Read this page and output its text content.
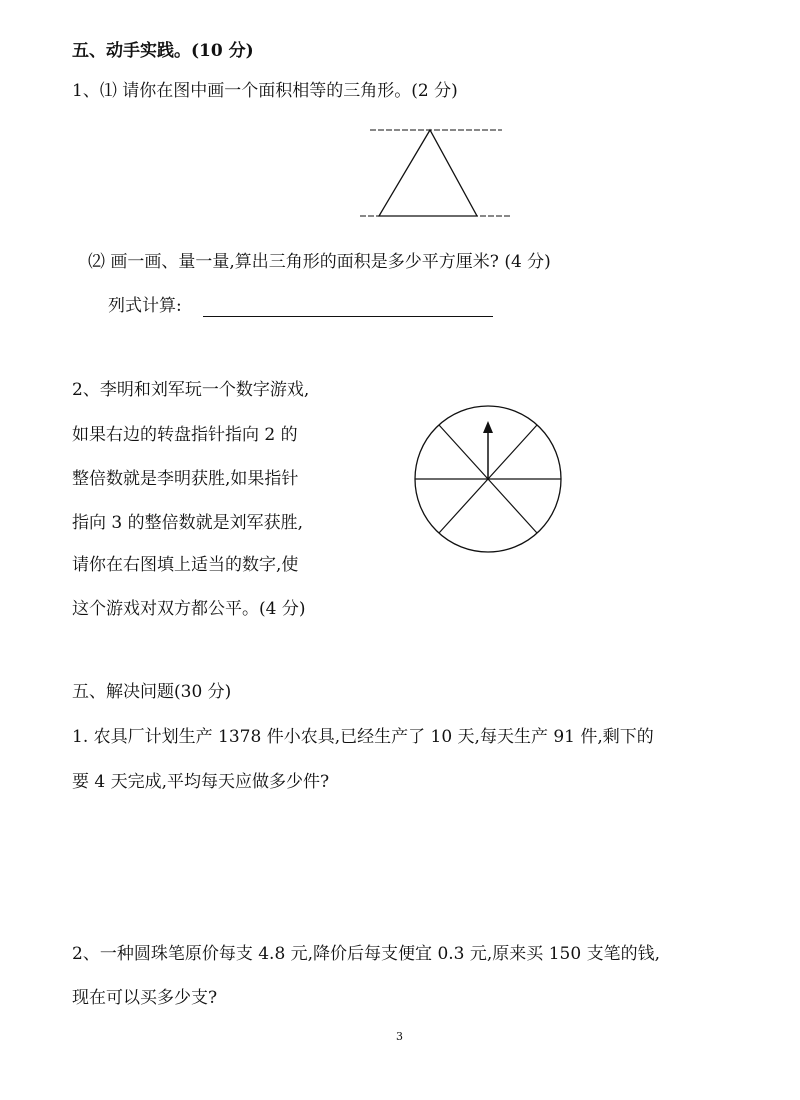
五、动手实践。(10 分)
1、⑴ 请你在图中画一个面积相等的三角形。(2 分)
⑵ 画一画、量一量,算出三角形的面积是多少平方厘米? (4 分)
列式计算:
2、李明和刘军玩一个数字游戏,
如果右边的转盘指针指向 2 的
整倍数就是李明获胜,如果指针
指向 3 的整倍数就是刘军获胜,
请你在右图填上适当的数字,使
这个游戏对双方都公平。(4 分)
五、解决问题(30 分)
1. 农具厂计划生产 1378 件小农具,已经生产了 10 天,每天生产 91 件,剩下的
要 4 天完成,平均每天应做多少件?
2、一种圆珠笔原价每支 4.8 元,降价后每支便宜 0.3 元,原来买 150 支笔的钱,
现在可以买多少支?
3
